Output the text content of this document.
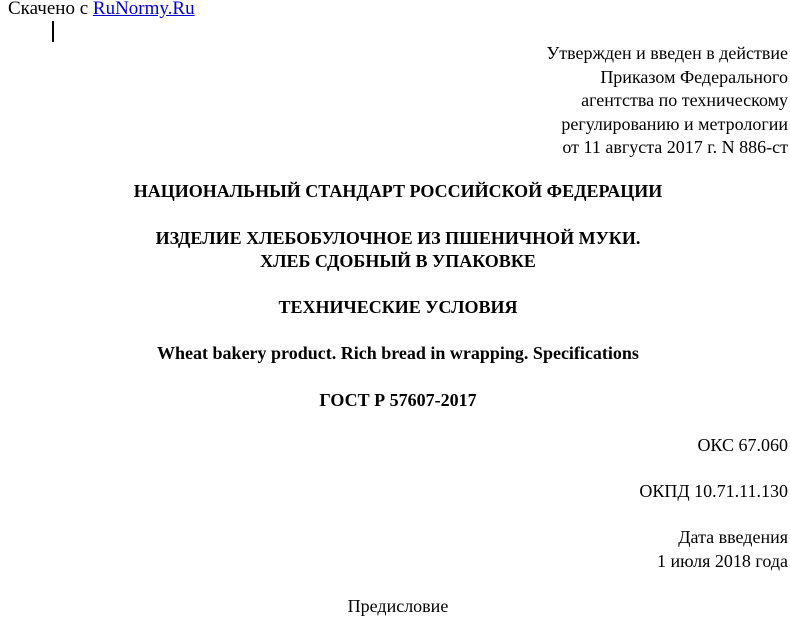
Скачено с RuNormy.Ru
Утвержден и введен в действие
Приказом Федерального
агентства по техническому
регулированию и метрологии
от 11 августа 2017 г. N 886-ст
НАЦИОНАЛЬНЫЙ СТАНДАРТ РОССИЙСКОЙ ФЕДЕРАЦИИ
ИЗДЕЛИЕ ХЛЕБОБУЛОЧНОЕ ИЗ ПШЕНИЧНОЙ МУКИ.
ХЛЕБ СДОБНЫЙ В УПАКОВКЕ
ТЕХНИЧЕСКИЕ УСЛОВИЯ
Wheat bakery product. Rich bread in wrapping. Specifications
ГОСТ Р 57607-2017
ОКС 67.060
ОКПД 10.71.11.130
Дата введения
1 июля 2018 года
Предисловие
